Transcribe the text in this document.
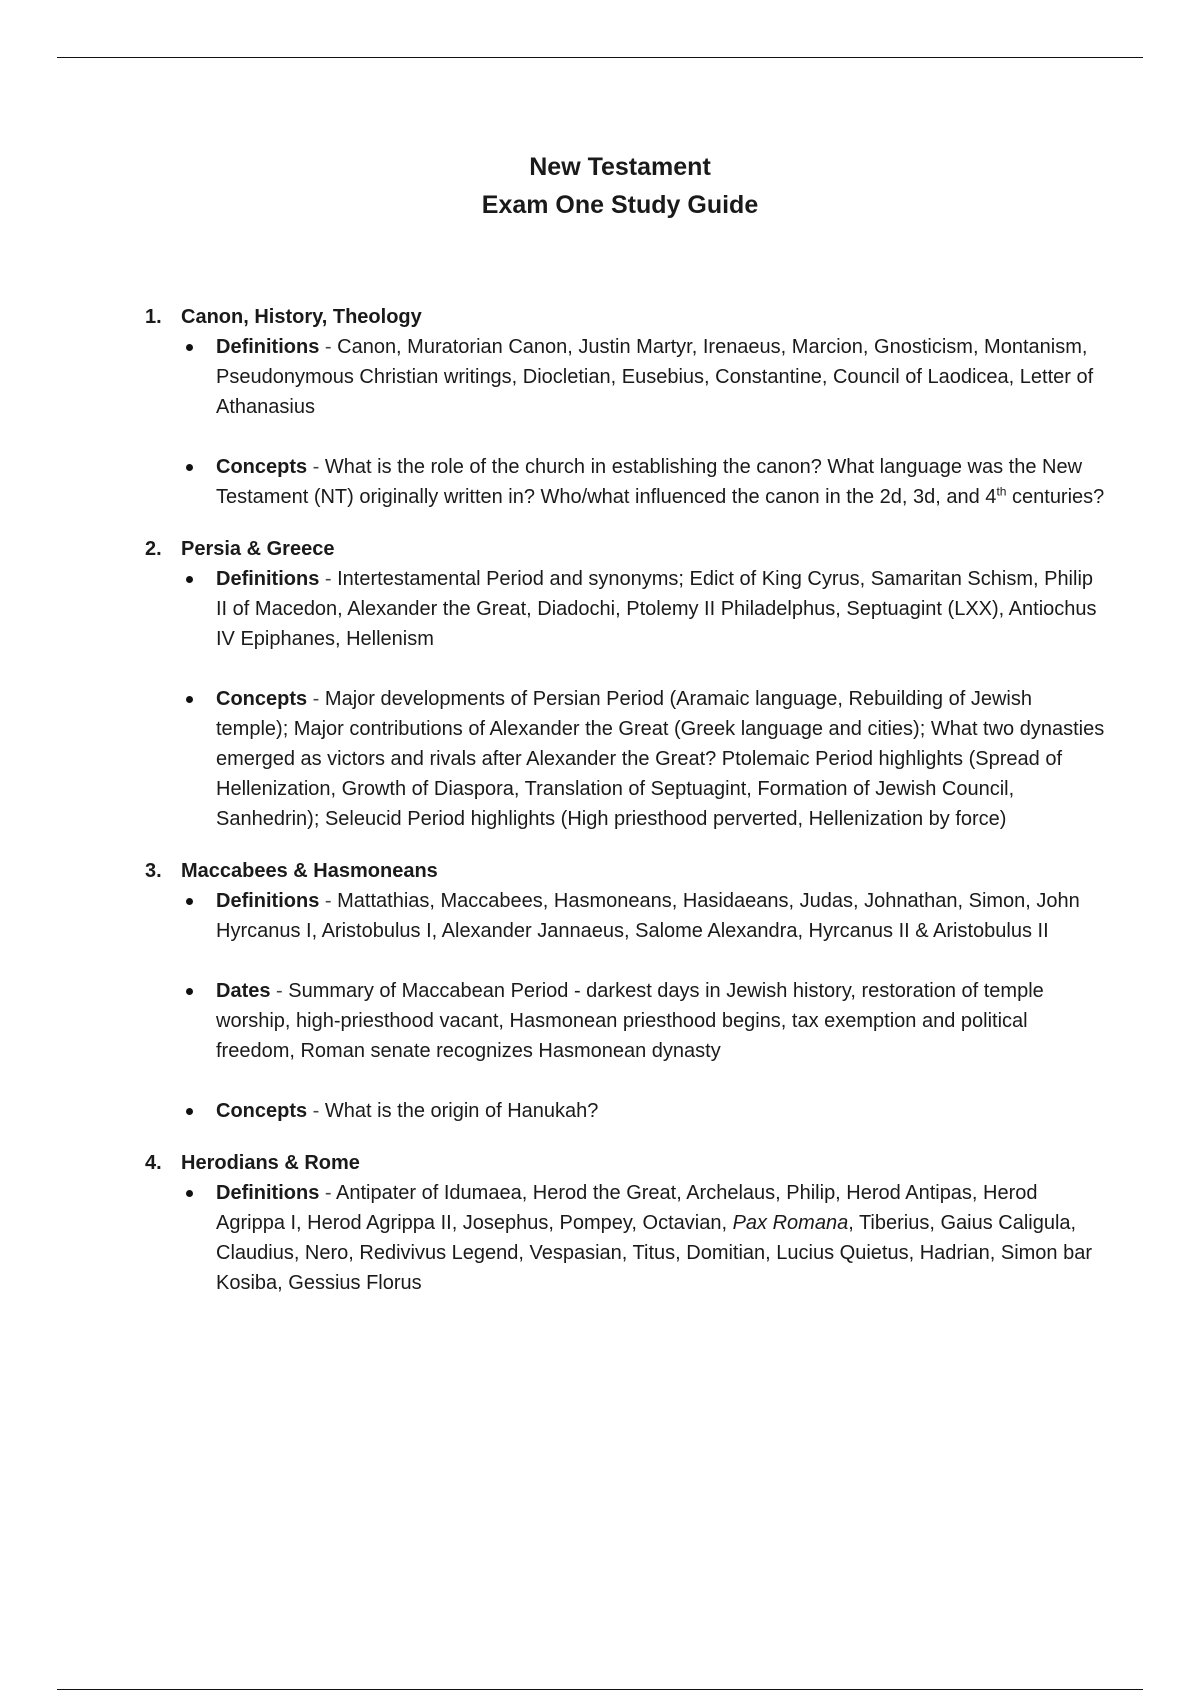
New Testament
Exam One Study Guide
1. Canon, History, Theology
Definitions - Canon, Muratorian Canon, Justin Martyr, Irenaeus, Marcion, Gnosticism, Montanism, Pseudonymous Christian writings, Diocletian, Eusebius, Constantine, Council of Laodicea, Letter of Athanasius
Concepts - What is the role of the church in establishing the canon? What language was the New Testament (NT) originally written in? Who/what influenced the canon in the 2d, 3d, and 4th centuries?
2. Persia & Greece
Definitions - Intertestamental Period and synonyms; Edict of King Cyrus, Samaritan Schism, Philip II of Macedon, Alexander the Great, Diadochi, Ptolemy II Philadelphus, Septuagint (LXX), Antiochus IV Epiphanes, Hellenism
Concepts - Major developments of Persian Period (Aramaic language, Rebuilding of Jewish temple); Major contributions of Alexander the Great (Greek language and cities); What two dynasties emerged as victors and rivals after Alexander the Great? Ptolemaic Period highlights (Spread of Hellenization, Growth of Diaspora, Translation of Septuagint, Formation of Jewish Council, Sanhedrin); Seleucid Period highlights (High priesthood perverted, Hellenization by force)
3. Maccabees & Hasmoneans
Definitions - Mattathias, Maccabees, Hasmoneans, Hasidaeans, Judas, Johnathan, Simon, John Hyrcanus I, Aristobulus I, Alexander Jannaeus, Salome Alexandra, Hyrcanus II & Aristobulus II
Dates - Summary of Maccabean Period - darkest days in Jewish history, restoration of temple worship, high-priesthood vacant, Hasmonean priesthood begins, tax exemption and political freedom, Roman senate recognizes Hasmonean dynasty
Concepts - What is the origin of Hanukah?
4. Herodians & Rome
Definitions - Antipater of Idumaea, Herod the Great, Archelaus, Philip, Herod Antipas, Herod Agrippa I, Herod Agrippa II, Josephus, Pompey, Octavian, Pax Romana, Tiberius, Gaius Caligula, Claudius, Nero, Redivivus Legend, Vespasian, Titus, Domitian, Lucius Quietus, Hadrian, Simon bar Kosiba, Gessius Florus
